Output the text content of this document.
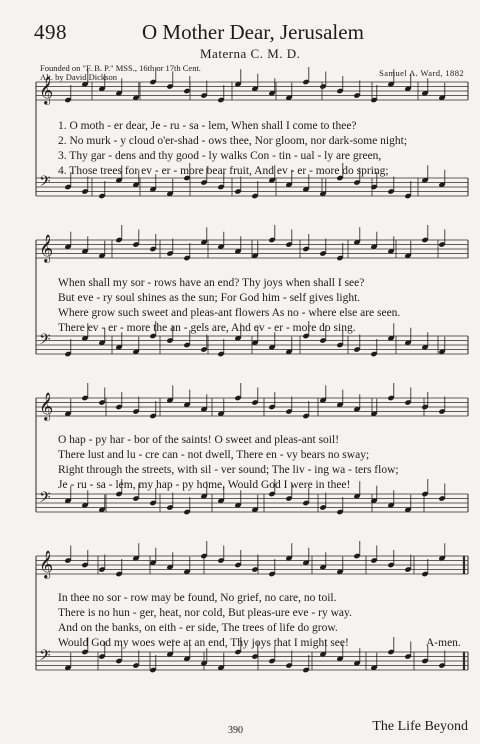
498	O Mother Dear, Jerusalem
Materna C. M. D.
Founded on "F. B. P." MSS., 16th or 17th Cent.
Alt. by David Dickson	Samuel A. Ward, 1882
𝄞
𝄢
𝄞
𝄢
𝄞
𝄢
𝄞
𝄢
1. O moth - er dear, Je - ru - sa - lem, When shall I come to thee?
2. No murk - y cloud o'er-shad - ows thee, Nor gloom, nor dark-some night;
3. Thy gar - dens and thy good - ly walks Con - tin - ual - ly are green,
4. Those trees for ev - er - more bear fruit, And ev - er - more do spring;
When shall my sor - rows have an end? Thy joys when shall I see?
But eve - ry soul shines as the sun; For God him - self gives light.
Where grow such sweet and pleas-ant flowers As no - where else are seen.
There ev - er - more the an - gels are, And ev - er - more do sing.
O hap - py har - bor of the saints! O sweet and pleas-ant soil!
There lust and lu - cre can - not dwell, There en - vy bears no sway;
Right through the streets, with sil - ver sound; The liv - ing wa - ters flow;
Je - ru - sa - lem, my hap - py home, Would God I were in thee!
In thee no sor - row may be found, No grief, no care, no toil.
There is no hun - ger, heat, nor cold, But pleas-ure eve - ry way.
And on the banks, on eith - er side, The trees of life do grow.
Would God my woes were at an end, Thy joys that I might see!	A-men.
390	The Life Beyond
